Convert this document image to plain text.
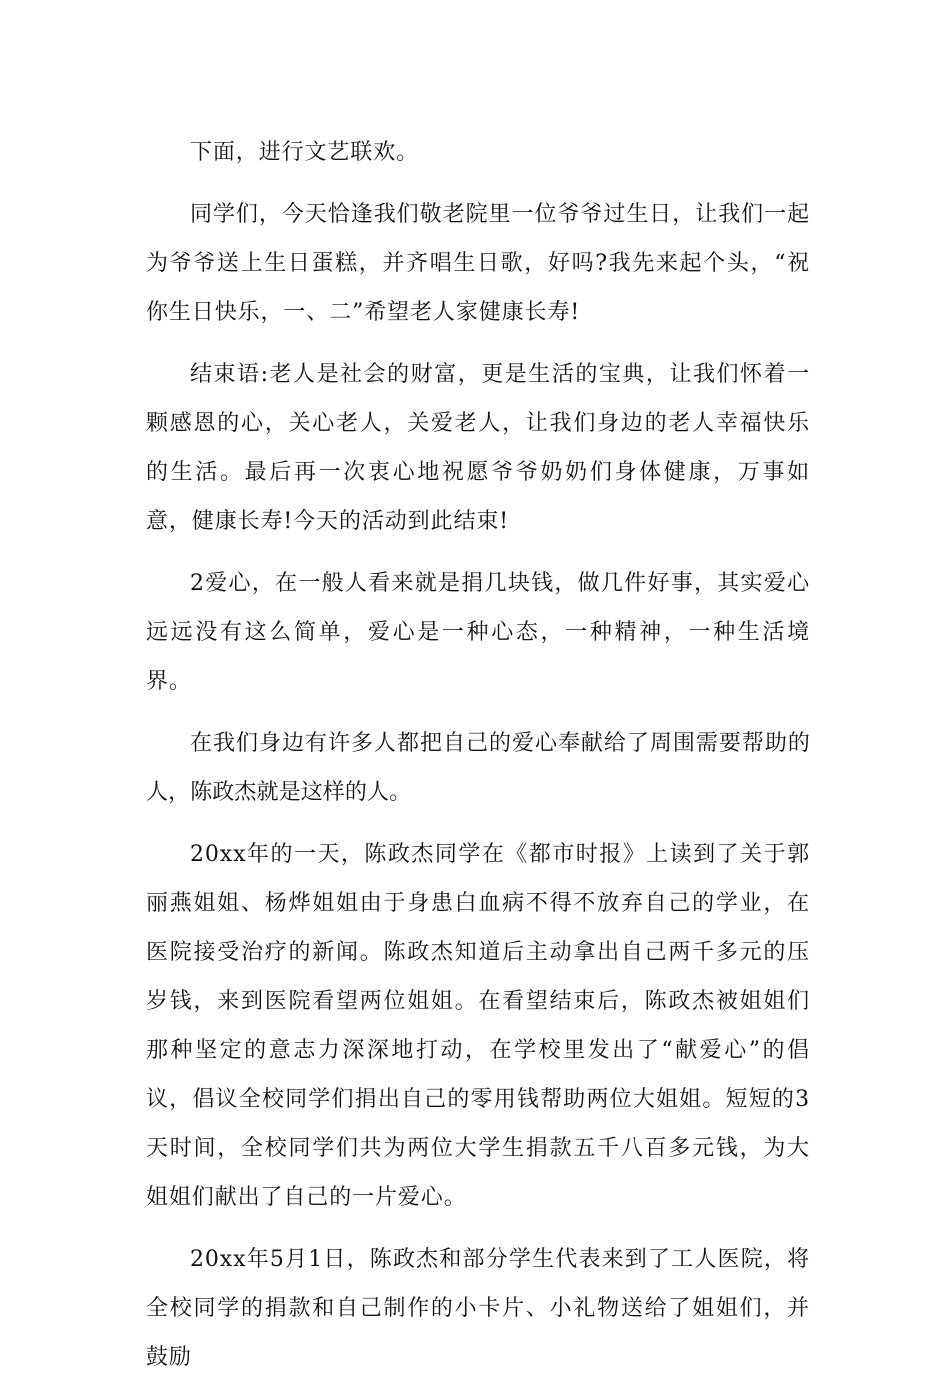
下面，进行文艺联欢。

同学们，今天恰逢我们敬老院里一位爷爷过生日，让我们一起为爷爷送上生日蛋糕，并齐唱生日歌，好吗?我先来起个头，“祝你生日快乐，一、二”希望老人家健康长寿!

结束语:老人是社会的财富，更是生活的宝典，让我们怀着一颗感恩的心，关心老人，关爱老人，让我们身边的老人幸福快乐的生活。最后再一次衷心地祝愿爷爷奶奶们身体健康，万事如意，健康长寿!今天的活动到此结束!

2爱心，在一般人看来就是捐几块钱，做几件好事，其实爱心远远没有这么简单，爱心是一种心态，一种精神，一种生活境界。

在我们身边有许多人都把自己的爱心奉献给了周围需要帮助的人，陈政杰就是这样的人。

20xx年的一天，陈政杰同学在《都市时报》上读到了关于郭丽燕姐姐、杨烨姐姐由于身患白血病不得不放弃自己的学业，在医院接受治疗的新闻。陈政杰知道后主动拿出自己两千多元的压岁钱，来到医院看望两位姐姐。在看望结束后，陈政杰被姐姐们那种坚定的意志力深深地打动，在学校里发出了“献爱心”的倡议，倡议全校同学们捐出自己的零用钱帮助两位大姐姐。短短的3天时间，全校同学们共为两位大学生捐款五千八百多元钱，为大姐姐们献出了自己的一片爱心。

20xx年5月1日，陈政杰和部分学生代表来到了工人医院，将全校同学的捐款和自己制作的小卡片、小礼物送给了姐姐们，并鼓励
